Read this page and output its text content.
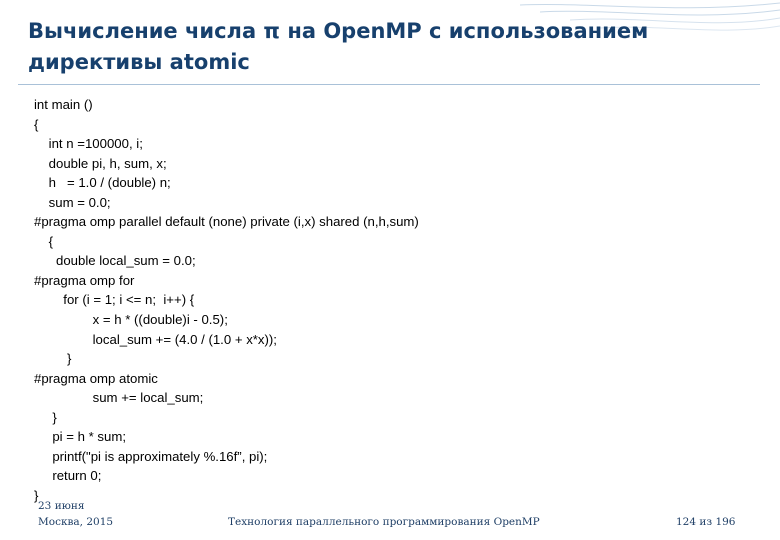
Вычисление числа π на OpenMP с использованием
директивы atomic
int main ()
{
int n =100000, i;
double pi, h, sum, x;
h   = 1.0 / (double) n;
sum = 0.0;
#pragma omp parallel default (none) private (i,x) shared (n,h,sum)
{
double local_sum = 0.0;
#pragma omp for
for (i = 1; i <= n;  i++) {
x = h * ((double)i - 0.5);
local_sum += (4.0 / (1.0 + x*x));
}
#pragma omp atomic
sum += local_sum;
}
pi = h * sum;
printf("pi is approximately %.16f”, pi);
return 0;
}
23 июня
Москва, 2015	Технология параллельного программирования OpenMP	124 из 196
